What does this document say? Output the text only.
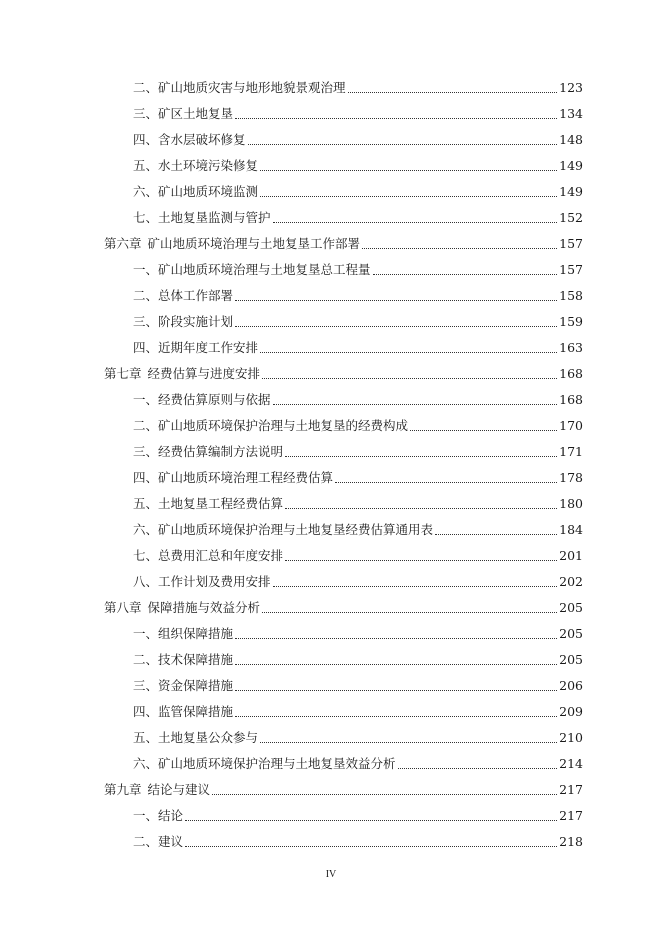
二、 矿山地质灾害与地形地貌景观治理	123
三、 矿区土地复垦	134
四、 含水层破坏修复	148
五、 水土环境污染修复	149
六、 矿山地质环境监测	149
七、 土地复垦监测与管护	152
第六章 矿山地质环境治理与土地复垦工作部署	157
一、 矿山地质环境治理与土地复垦总工程量	157
二、 总体工作部署	158
三、 阶段实施计划	159
四、 近期年度工作安排	163
第七章 经费估算与进度安排	168
一、 经费估算原则与依据	168
二、 矿山地质环境保护治理与土地复垦的经费构成	170
三、 经费估算编制方法说明	171
四、 矿山地质环境治理工程经费估算	178
五、 土地复垦工程经费估算	180
六、 矿山地质环境保护治理与土地复垦经费估算通用表	184
七、 总费用汇总和年度安排	201
八、 工作计划及费用安排	202
第八章 保障措施与效益分析	205
一、 组织保障措施	205
二、 技术保障措施	205
三、 资金保障措施	206
四、 监管保障措施	209
五、 土地复垦公众参与	210
六、 矿山地质环境保护治理与土地复垦效益分析	214
第九章 结论与建议	217
一、 结论	217
二、 建议	218
IV
